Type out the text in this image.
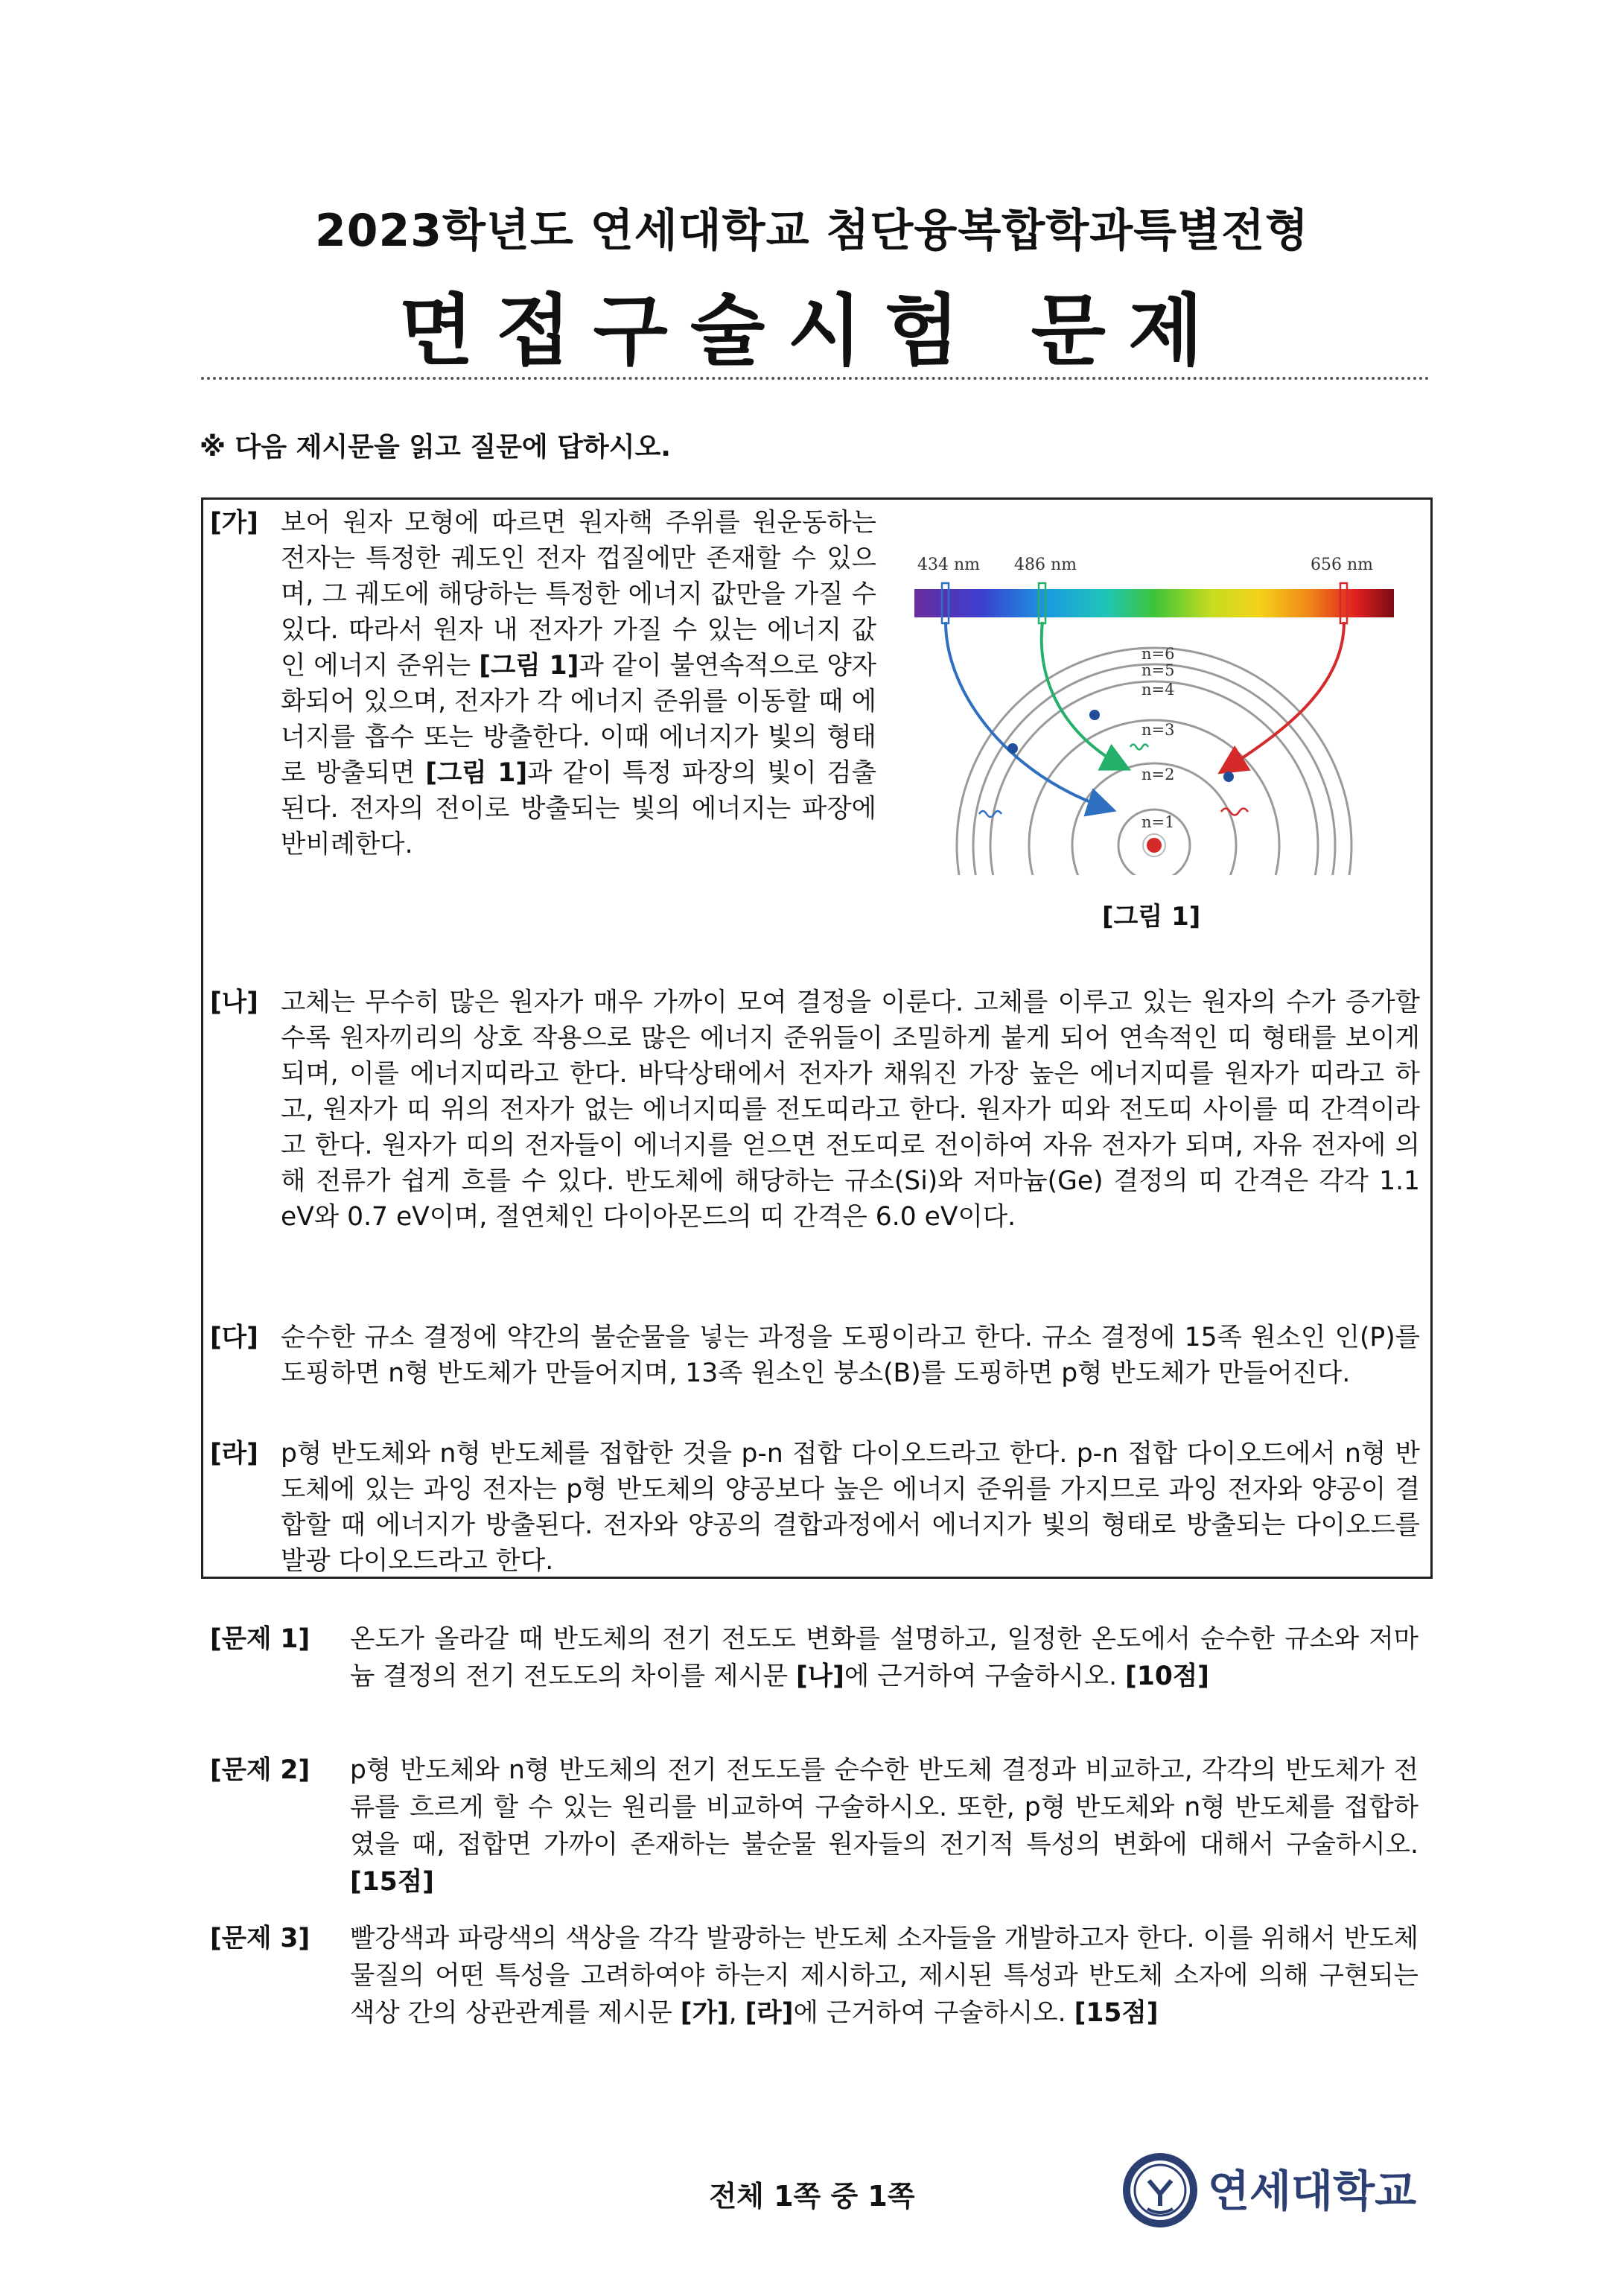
2023학년도 연세대학교 첨단융복합학과특별전형
면접구술시험 문제
※ 다음 제시문을 읽고 질문에 답하시오.
[가] 보어 원자 모형에 따르면 원자핵 주위를 원운동하는 전자는 특정한 궤도인 전자 껍질에만 존재할 수 있으며, 그 궤도에 해당하는 특정한 에너지 값만을 가질 수 있다. 따라서 원자 내 전자가 가질 수 있는 에너지 값인 에너지 준위는 [그림 1]과 같이 불연속적으로 양자화되어 있으며, 전자가 각 에너지 준위를 이동할 때 에너지를 흡수 또는 방출한다. 이때 에너지가 빛의 형태로 방출되면 [그림 1]과 같이 특정 파장의 빛이 검출된다. 전자의 전이로 방출되는 빛의 에너지는 파장에 반비례한다.
434 nm 486 nm	656 nm
n=6
n=5
n=4
n=3
n=2
n=1
[그림 1]
[나] 고체는 무수히 많은 원자가 매우 가까이 모여 결정을 이룬다. 고체를 이루고 있는 원자의 수가 증가할수록 원자끼리의 상호 작용으로 많은 에너지 준위들이 조밀하게 붙게 되어 연속적인 띠 형태를 보이게 되며, 이를 에너지띠라고 한다. 바닥상태에서 전자가 채워진 가장 높은 에너지띠를 원자가 띠라고 하고, 원자가 띠 위의 전자가 없는 에너지띠를 전도띠라고 한다. 원자가 띠와 전도띠 사이를 띠 간격이라고 한다. 원자가 띠의 전자들이 에너지를 얻으면 전도띠로 전이하여 자유 전자가 되며, 자유 전자에 의해 전류가 쉽게 흐를 수 있다. 반도체에 해당하는 규소(Si)와 저마늄(Ge) 결정의 띠 간격은 각각 1.1 eV와 0.7 eV이며, 절연체인 다이아몬드의 띠 간격은 6.0 eV이다.
[다] 순수한 규소 결정에 약간의 불순물을 넣는 과정을 도핑이라고 한다. 규소 결정에 15족 원소인 인(P)를 도핑하면 n형 반도체가 만들어지며, 13족 원소인 붕소(B)를 도핑하면 p형 반도체가 만들어진다.
[라] p형 반도체와 n형 반도체를 접합한 것을 p-n 접합 다이오드라고 한다. p-n 접합 다이오드에서 n형 반도체에 있는 과잉 전자는 p형 반도체의 양공보다 높은 에너지 준위를 가지므로 과잉 전자와 양공이 결합할 때 에너지가 방출된다. 전자와 양공의 결합과정에서 에너지가 빛의 형태로 방출되는 다이오드를 발광 다이오드라고 한다.
[문제 1] 온도가 올라갈 때 반도체의 전기 전도도 변화를 설명하고, 일정한 온도에서 순수한 규소와 저마늄 결정의 전기 전도도의 차이를 제시문 [나]에 근거하여 구술하시오. [10점]
[문제 2] p형 반도체와 n형 반도체의 전기 전도도를 순수한 반도체 결정과 비교하고, 각각의 반도체가 전류를 흐르게 할 수 있는 원리를 비교하여 구술하시오. 또한, p형 반도체와 n형 반도체를 접합하였을 때, 접합면 가까이 존재하는 불순물 원자들의 전기적 특성의 변화에 대해서 구술하시오. [15점]
[문제 3] 빨강색과 파랑색의 색상을 각각 발광하는 반도체 소자들을 개발하고자 한다. 이를 위해서 반도체 물질의 어떤 특성을 고려하여야 하는지 제시하고, 제시된 특성과 반도체 소자에 의해 구현되는 색상 간의 상관관계를 제시문 [가], [라]에 근거하여 구술하시오. [15점]
전체 1쪽 중 1쪽	연세대학교
